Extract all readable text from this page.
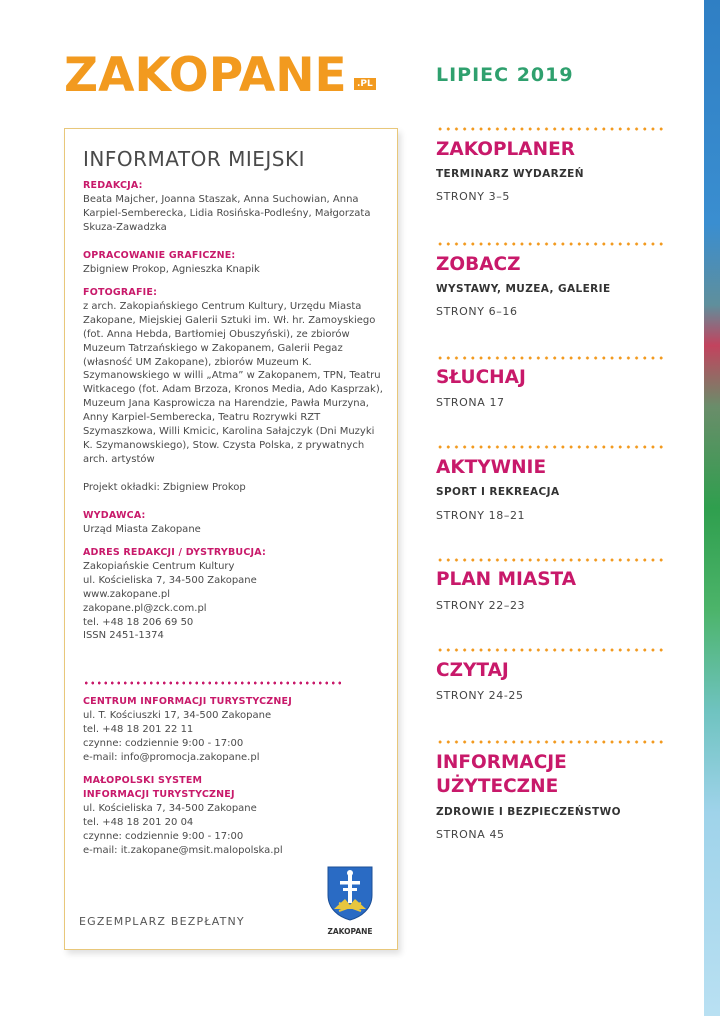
ZAKOPANE	.PL	LIPIEC 2019
INFORMATOR MIEJSKI
REDAKCJA:
Beata Majcher, Joanna Staszak, Anna Suchowian, Anna Karpiel-Semberecka, Lidia Rosińska-Podleśny, Małgorzata Skuza-Zawadzka
OPRACOWANIE GRAFICZNE:
Zbigniew Prokop, Agnieszka Knapik
FOTOGRAFIE:
z arch. Zakopiańskiego Centrum Kultury, Urzędu Miasta Zakopane, Miejskiej Galerii Sztuki im. Wł. hr. Zamoyskiego (fot. Anna Hebda, Bartłomiej Obuszyński), ze zbiorów Muzeum Tatrzańskiego w Zakopanem, Galerii Pegaz (własność UM Zakopane), zbiorów Muzeum K. Szymanowskiego w willi „Atma” w Zakopanem, TPN, Teatru Witkacego (fot. Adam Brzoza, Kronos Media, Ado Kasprzak), Muzeum Jana Kasprowicza na Harendzie, Pawła Murzyna, Anny Karpiel-Semberecka, Teatru Rozrywki RZT Szymaszkowa, Willi Kmicic, Karolina Sałajczyk (Dni Muzyki K. Szymanowskiego), Stow. Czysta Polska, z prywatnych arch. artystów
Projekt okładki: Zbigniew Prokop
WYDAWCA:
Urząd Miasta Zakopane
ADRES REDAKCJI / DYSTRYBUCJA:
Zakopiańskie Centrum Kultury
ul. Kościeliska 7, 34-500 Zakopane
www.zakopane.pl
zakopane.pl@zck.com.pl
tel. +48 18 206 69 50
ISSN 2451-1374
CENTRUM INFORMACJI TURYSTYCZNEJ
ul. T. Kościuszki 17, 34-500 Zakopane
tel. +48 18 201 22 11
czynne: codziennie 9:00 - 17:00
e-mail: info@promocja.zakopane.pl
MAŁOPOLSKI SYSTEM
INFORMACJI TURYSTYCZNEJ
ul. Kościeliska 7, 34-500 Zakopane
tel. +48 18 201 20 04
czynne: codziennie 9:00 - 17:00
e-mail: it.zakopane@msit.malopolska.pl
EGZEMPLARZ BEZPŁATNY
ZAKOPANE
ZAKOPLANER
TERMINARZ WYDARZEŃ
STRONY 3–5
ZOBACZ
WYSTAWY, MUZEA, GALERIE
STRONY 6–16
SŁUCHAJ
STRONA 17
AKTYWNIE
SPORT I REKREACJA
STRONY 18–21
PLAN MIASTA
STRONY 22–23
CZYTAJ
STRONY 24-25
INFORMACJE
UŻYTECZNE
ZDROWIE I BEZPIECZEŃSTWO
STRONA 45
